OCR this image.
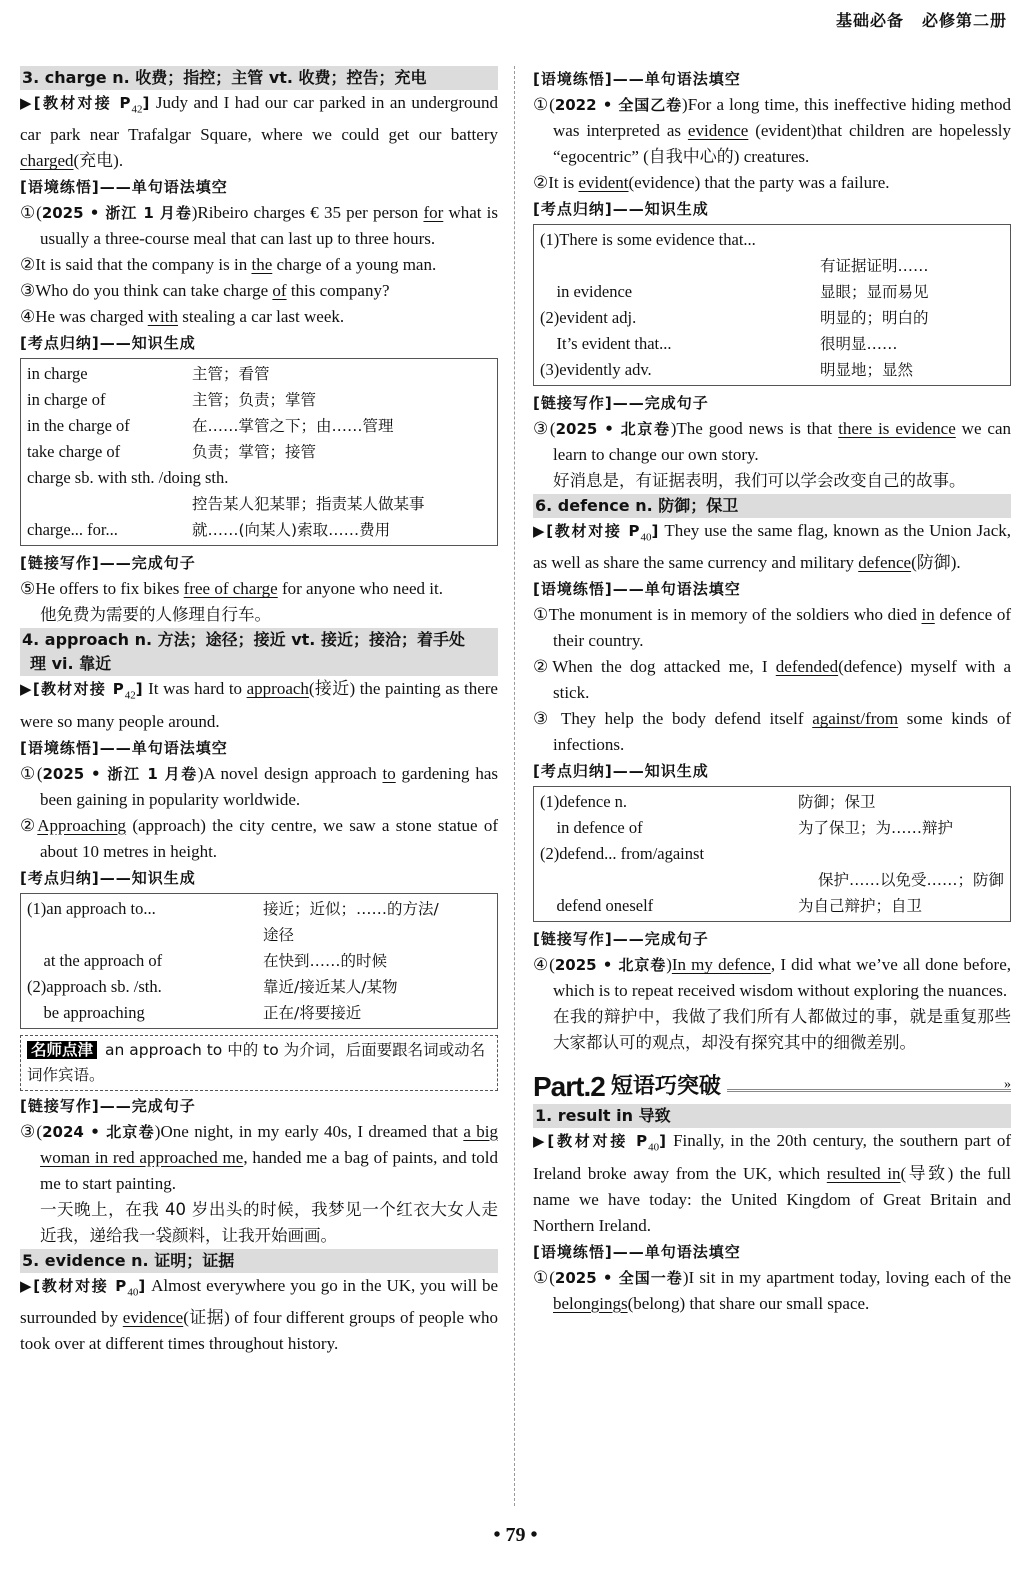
基础必备 必修第二册
3. charge n. 收费；指控；主管 vt. 收费；控告；充电

▶[教材对接 $P_{42}$] Judy and I had our car parked in an underground car park near Trafalgar Square, where we could get our battery charged(充电).

[语境练悟]——单句语法填空
①(2025 • 浙江 1 月卷)Ribeiro charges € 35 per person for what is usually a three-course meal that can last up to three hours.
②It is said that the company is in the charge of a young man.
③Who do you think can take charge of this company?
④He was charged with stealing a car last week.
[考点归纳]——知识生成
in charge	主管；看管
in charge of	主管；负责；掌管
in the charge of	在……掌管之下；由……管理
take charge of	负责；掌管；接管
charge sb. with sth. /doing sth.	
	控告某人犯某罪；指责某人做某事
charge... for...	就……(向某人)索取……费用
[链接写作]——完成句子
⑤He offers to fix bikes free of charge for anyone who need it.
他免费为需要的人修理自行车。
4. approach n. 方法；途径；接近 vt. 接近；接洽；着手处
理 vi. 靠近

▶[教材对接 $P_{42}$] It was hard to approach(接近) the painting as there were so many people around.

[语境练悟]——单句语法填空
①(2025 • 浙江 1 月卷)A novel design approach to gardening has been gaining in popularity worldwide.
②Approaching (approach) the city centre, we saw a stone statue of about 10 metres in height.
[考点归纳]——知识生成
(1)an approach to...	接近；近似；……的方法/
	途径
at the approach of	在快到……的时候
(2)approach sb. /sth.	靠近/接近某人/某物
be approaching	正在/将要接近
名师点津 an approach to 中的 to 为介词，后面要跟名词或动名词作宾语。
[链接写作]——完成句子
③(2024 • 北京卷)One night, in my early 40s, I dreamed that a big woman in red approached me, handed me a bag of paints, and told me to start painting.
一天晚上，在我 40 岁出头的时候，我梦见一个红衣大女人走近我，递给我一袋颜料，让我开始画画。
5. evidence n. 证明；证据

▶[教材对接 $P_{40}$] Almost everywhere you go in the UK, you will be surrounded by evidence(证据) of four different groups of people who took over at different times throughout history.

[语境练悟]——单句语法填空
①(2022 • 全国乙卷)For a long time, this ineffective hiding method was interpreted as evidence (evident)that children are hopelessly “egocentric” (自我中心的) creatures.
②It is evident(evidence) that the party was a failure.
[考点归纳]——知识生成
(1)There is some evidence that...	
	有证据证明……
in evidence	显眼；显而易见
(2)evident adj.	明显的；明白的
It’s evident that...	很明显……
(3)evidently adv.	明显地；显然
[链接写作]——完成句子
③(2025 • 北京卷)The good news is that there is evidence we can learn to change our own story.
好消息是，有证据表明，我们可以学会改变自己的故事。
6. defence n. 防御；保卫

▶[教材对接 $P_{40}$] They use the same flag, known as the Union Jack, as well as share the same currency and military defence(防御).

[语境练悟]——单句语法填空
①The monument is in memory of the soldiers who died in defence of their country.
②When the dog attacked me, I defended(defence) myself with a stick.
③ They help the body defend itself against/from some kinds of infections.
[考点归纳]——知识生成
(1)defence n.	防御；保卫
in defence of	为了保卫；为……辩护
(2)defend... from/against	
	保护……以免受……；防御
defend oneself	为自己辩护；自卫
[链接写作]——完成句子
④(2025 • 北京卷)In my defence, I did what we’ve all done before, which is to repeat received wisdom without exploring the nuances.
在我的辩护中，我做了我们所有人都做过的事，就是重复那些大家都认可的观点，却没有探究其中的细微差别。
Part.2 短语巧突破	»
1. result in 导致

▶[教材对接 $P_{40}$] Finally, in the 20th century, the southern part of Ireland broke away from the UK, which resulted in(导致) the full name we have today: the United Kingdom of Great Britain and Northern Ireland.

[语境练悟]——单句语法填空
①(2025 • 全国一卷)I sit in my apartment today, loving each of the belongings(belong) that share our small space.
• 79 •
